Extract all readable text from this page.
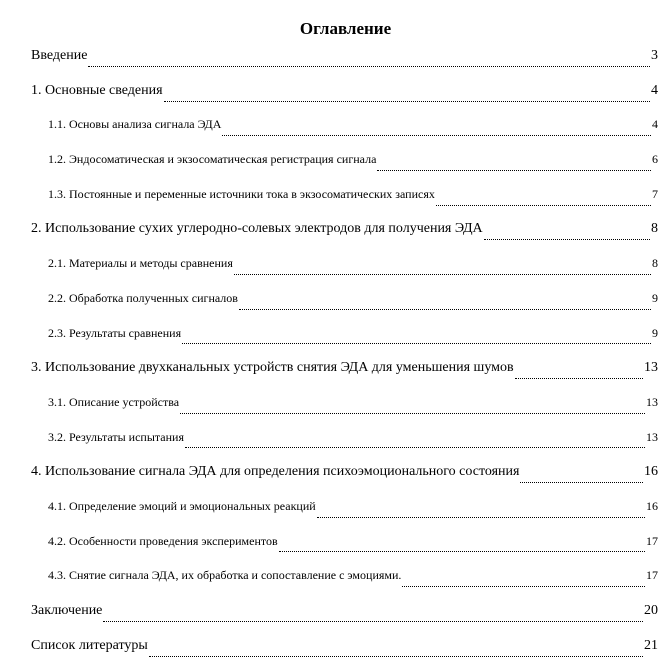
Оглавление
Введение	3
1. Основные сведения	4
1.1. Основы анализа сигнала ЭДА	4
1.2. Эндосоматическая и экзосоматическая регистрация сигнала	6
1.3. Постоянные и переменные источники тока в экзосоматических записях	7
2. Использование сухих углеродно-солевых электродов для получения ЭДА	8
2.1. Материалы и методы сравнения	8
2.2. Обработка полученных сигналов	9
2.3. Результаты сравнения	9
3. Использование двухканальных устройств снятия ЭДА для уменьшения шумов	13
3.1. Описание устройства	13
3.2. Результаты испытания	13
4. Использование сигнала ЭДА для определения психоэмоционального состояния	16
4.1. Определение эмоций и эмоциональных реакций	16
4.2. Особенности проведения экспериментов	17
4.3. Снятие сигнала ЭДА, их обработка и сопоставление с эмоциями.	17
Заключение	20
Список литературы	21
